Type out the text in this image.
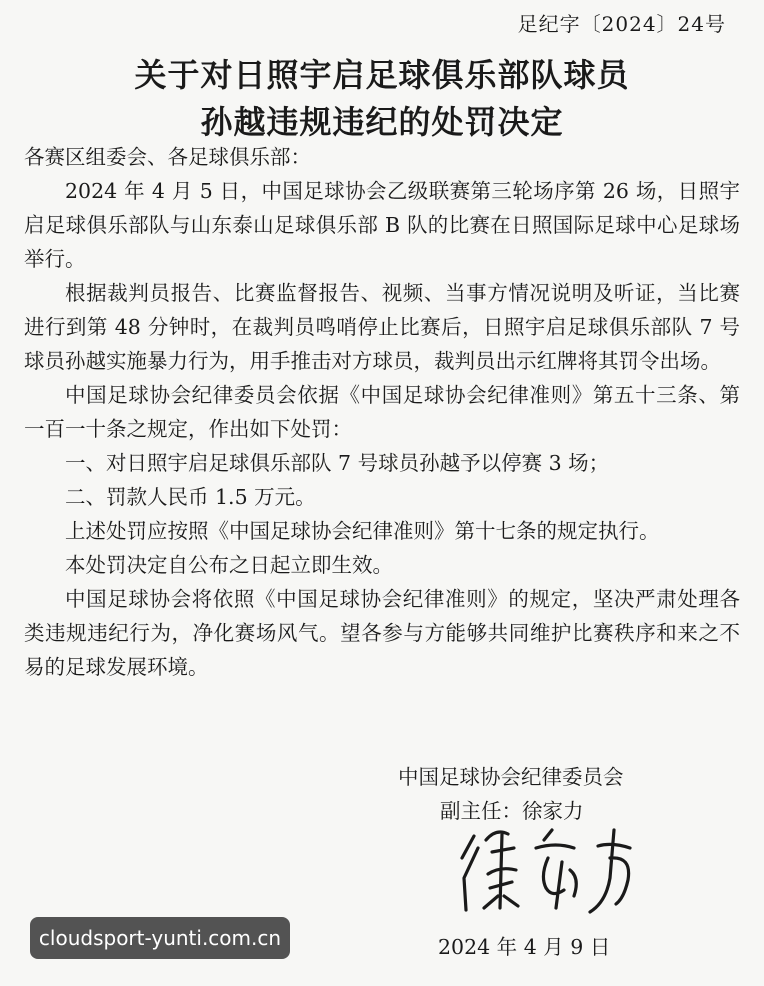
足纪字〔2024〕24号
关于对日照宇启足球俱乐部队球员
孙越违规违纪的处罚决定

各赛区组委会、各足球俱乐部：

2024 年 4 月 5 日，中国足球协会乙级联赛第三轮场序第 26 场，日照宇启足球俱乐部队与山东泰山足球俱乐部 B 队的比赛在日照国际足球中心足球场举行。

根据裁判员报告、比赛监督报告、视频、当事方情况说明及听证，当比赛进行到第 48 分钟时，在裁判员鸣哨停止比赛后，日照宇启足球俱乐部队 7 号球员孙越实施暴力行为，用手推击对方球员，裁判员出示红牌将其罚令出场。

中国足球协会纪律委员会依据《中国足球协会纪律准则》第五十三条、第一百一十条之规定，作出如下处罚：

一、对日照宇启足球俱乐部队 7 号球员孙越予以停赛 3 场；

二、罚款人民币 1.5 万元。

上述处罚应按照《中国足球协会纪律准则》第十七条的规定执行。

本处罚决定自公布之日起立即生效。

中国足球协会将依照《中国足球协会纪律准则》的规定，坚决严肃处理各类违规违纪行为，净化赛场风气。望各参与方能够共同维护比赛秩序和来之不易的足球发展环境。

中国足球协会纪律委员会
副主任：徐家力
2024 年 4 月 9 日
cloudsport-yunti.com.cn
